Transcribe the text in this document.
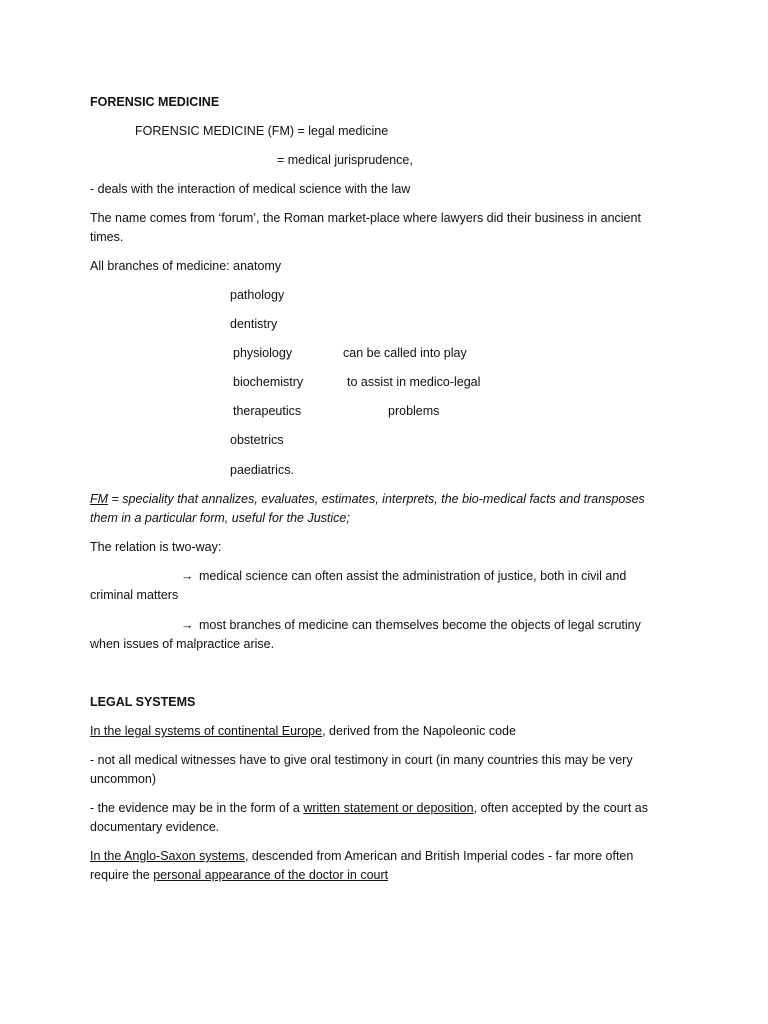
FORENSIC MEDICINE
FORENSIC MEDICINE (FM) = legal medicine
= medical jurisprudence,
- deals with the interaction of medical science with the law
The name comes from ‘forum’, the Roman market-place where lawyers did their business in ancient
times.
All branches of medicine: anatomy
pathology
dentistry
physiology	can be called into play
biochemistry	to assist in medico-legal
therapeutics	problems
obstetrics
paediatrics.
FM = speciality that annalizes, evaluates, estimates, interprets, the bio-medical facts and transposes
them in a particular form, useful for the Justice;
The relation is two-way:
→ medical science can often assist the administration of justice, both in civil and
criminal matters
→ most branches of medicine can themselves become the objects of legal scrutiny
when issues of malpractice arise.
LEGAL SYSTEMS
In the legal systems of continental Europe, derived from the Napoleonic code
- not all medical witnesses have to give oral testimony in court (in many countries this may be very
uncommon)
- the evidence may be in the form of a written statement or deposition, often accepted by the court as
documentary evidence.
In the Anglo-Saxon systems, descended from American and British Imperial codes - far more often
require the personal appearance of the doctor in court
